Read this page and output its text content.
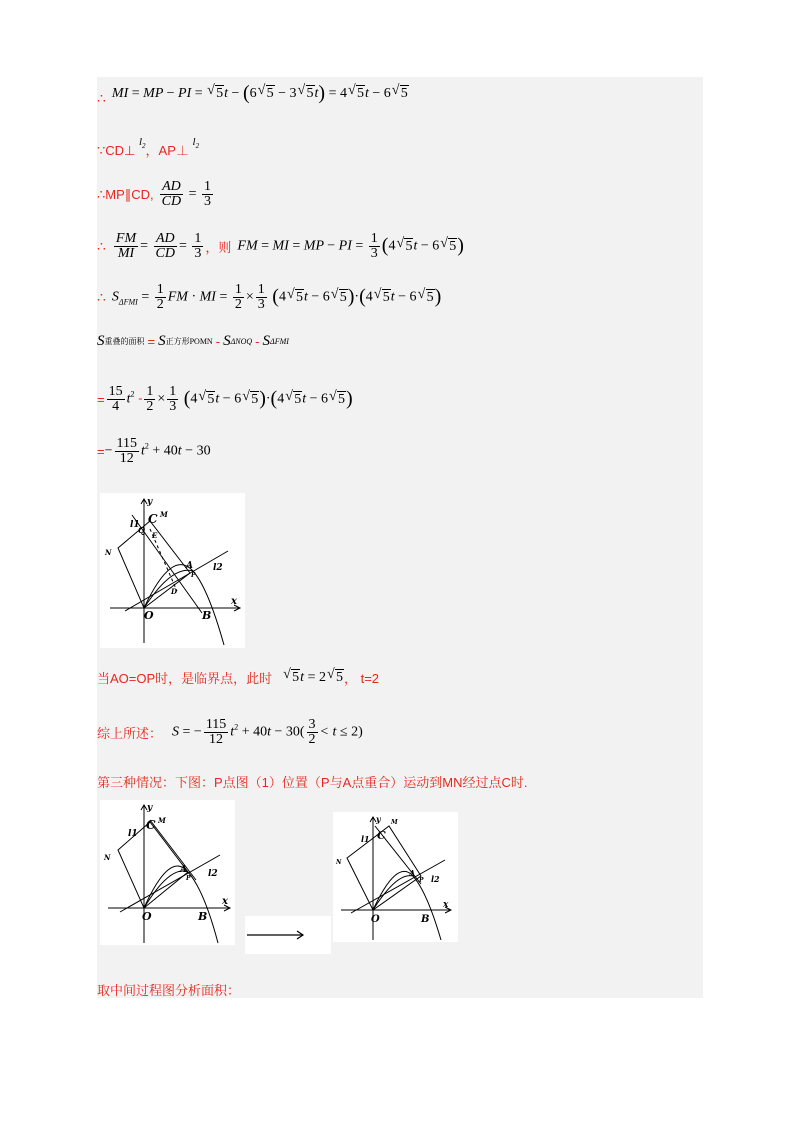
∴ MI = MP − PI = √ 5t − (6√ 5 − 3√ 5t) = 4√ 5t − 6√ 5
∵CD⊥ $^{l_2}$，AP⊥ $^{l_2}$
∴MP∥CD, $\frac{AD}{CD} = \frac{1}{3}$
∴ $\frac{FM}{MI} = \frac{AD}{CD} = \frac{1}{3}$ ，则 FM = MI = MP − PI = $\frac{1}{3} (4√$ 5t − 6√ 5)
∴ $S_{\Delta FMI} = \frac{1}{2}$ FM · MI = $\frac{1}{2} \times \frac{1}{3} (4√$ 5t − 6√ 5)·(4√ 5t − 6√ 5)
S 重叠的面积 = S 正方形POMN - S ΔNOQ - S ΔFMI
= $\frac{15}{4} t^2 - \frac{1}{2} \times \frac{1}{3} (4√$ 5t − 6√ 5)·(4√ 5t − 6√ 5)
= − $\frac{115}{12} t^2 + 40t - 30$
y
C M
l1
Q
E
N
A
P
l2
D
O	B
x
当AO=OP时，是临界点，此时
√	5t = 2√ 5 ， t=2
综上所述： S = − $\frac{115}{12} t^2 + 40t - 30( \frac{3}{2} < t \le 2)$
第三种情况：下图：P点图（1）位置（P与A点重合）运动到MN经过点C时.
y
C M
l1
N
A
P l2
O	B
x
y
C
M
l1
N
A
P l2
O	B
x
取中间过程图分析面积：
